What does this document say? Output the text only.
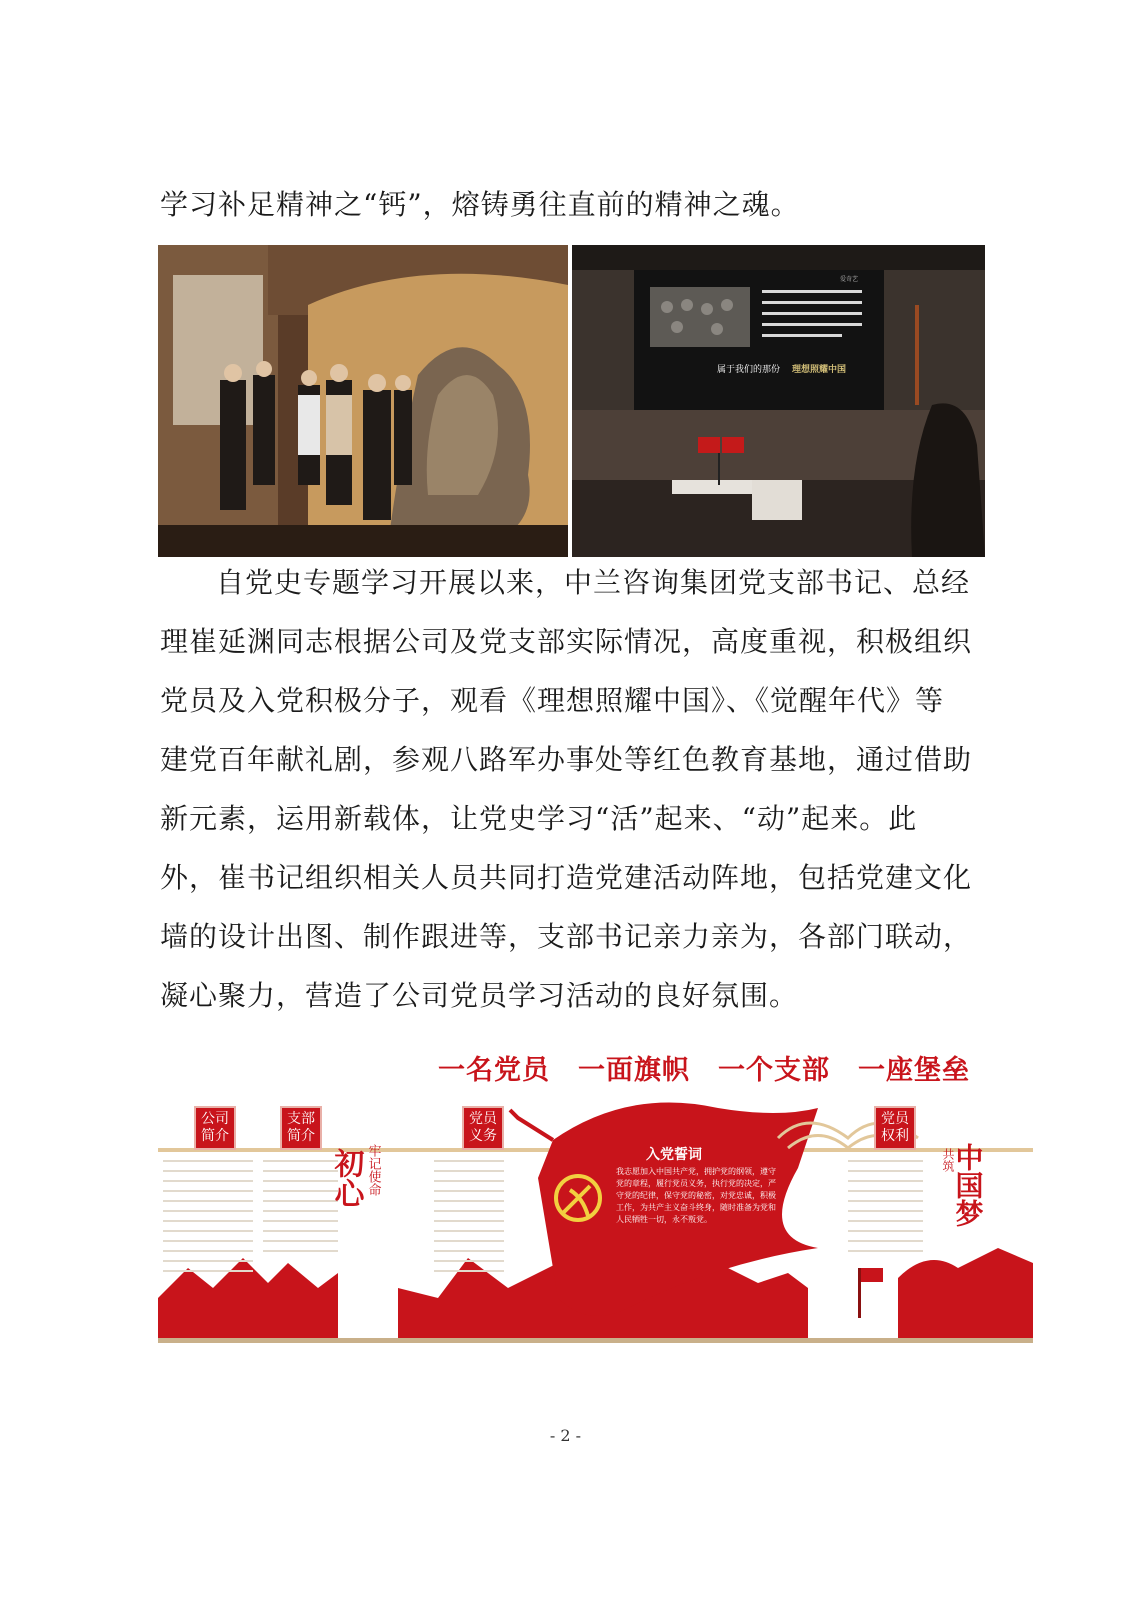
学习补足精神之“钙”，熔铸勇往直前的精神之魂。
属于我们的那份 理想照耀中国
爱奇艺
自党史专题学习开展以来，中兰咨询集团党支部书记、总经
理崔延渊同志根据公司及党支部实际情况，高度重视，积极组织
党员及入党积极分子，观看《理想照耀中国》、《觉醒年代》等
建党百年献礼剧，参观八路军办事处等红色教育基地，通过借助
新元素，运用新载体，让党史学习“活”起来、“动”起来。此
外，崔书记组织相关人员共同打造党建活动阵地，包括党建文化
墙的设计出图、制作跟进等，支部书记亲力亲为，各部门联动，
凝心聚力，营造了公司党员学习活动的良好氛围。
一名党员　一面旗帜　一个支部　一座堡垒
初心 牢记使命	中国梦
共筑
公司简介
支部简介
党员义务
党员权利
入党誓词
我志愿加入中国共产党，拥护党的纲领，遵守党的章程，履行党员义务，执行党的决定，严守党的纪律，保守党的秘密，对党忠诚，积极工作，为共产主义奋斗终身，随时准备为党和人民牺牲一切，永不叛党。
- 2 -
